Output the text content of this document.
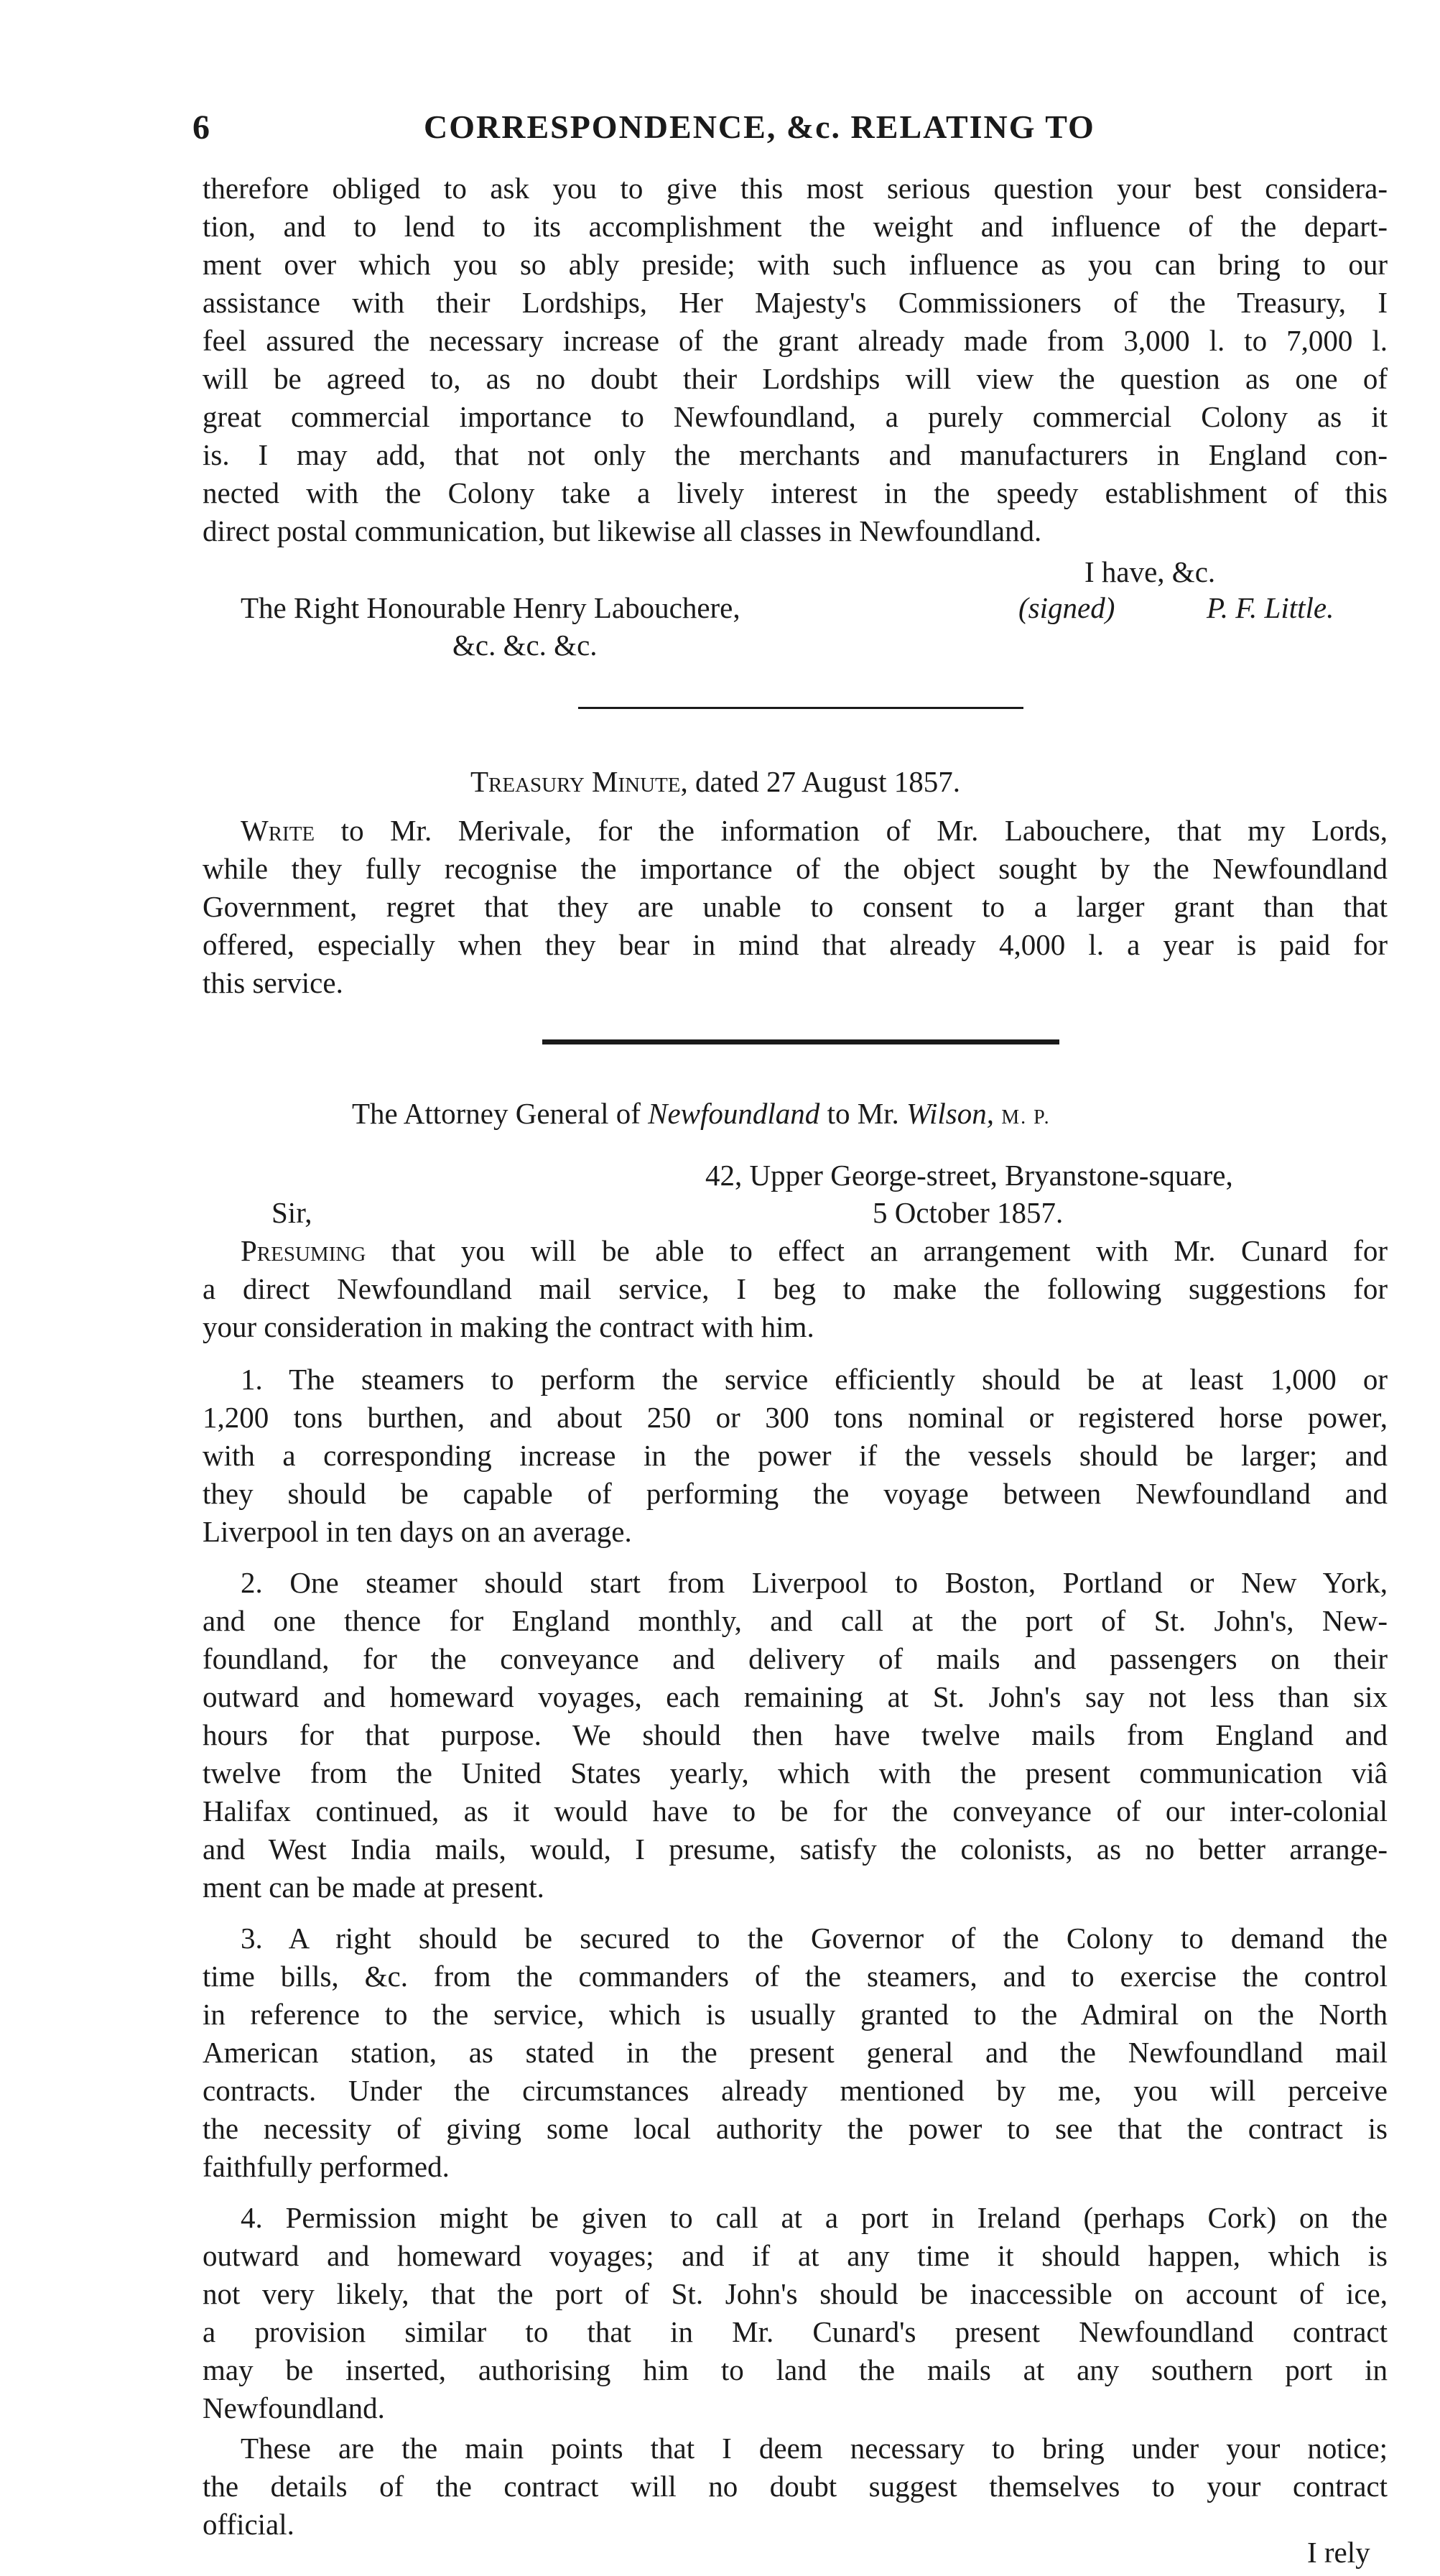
6	CORRESPONDENCE, &c. RELATING TO
therefore obliged to ask you to give this most serious question your best considera-
tion, and to lend to its accomplishment the weight and influence of the depart-
ment over which you so ably preside; with such influence as you can bring to our
assistance with their Lordships, Her Majesty's Commissioners of the Treasury, I
feel assured the necessary increase of the grant already made from 3,000 l. to 7,000 l.
will be agreed to, as no doubt their Lordships will view the question as one of
great commercial importance to Newfoundland, a purely commercial Colony as it
is. I may add, that not only the merchants and manufacturers in England con-
nected with the Colony take a lively interest in the speedy establishment of this
direct postal communication, but likewise all classes in Newfoundland.
I have, &c.
The Right Honourable Henry Labouchere,	(signed)	P. F. Little.
&c. &c. &c.
Treasury Minute, dated 27 August 1857.
Write to Mr. Merivale, for the information of Mr. Labouchere, that my Lords,
while they fully recognise the importance of the object sought by the Newfoundland
Government, regret that they are unable to consent to a larger grant than that
offered, especially when they bear in mind that already 4,000 l. a year is paid for
this service.
The Attorney General of Newfoundland to Mr. Wilson, M. P.
42, Upper George-street, Bryanstone-square,
5 October 1857.
Sir,
Presuming that you will be able to effect an arrangement with Mr. Cunard for
a direct Newfoundland mail service, I beg to make the following suggestions for
your consideration in making the contract with him.
1. The steamers to perform the service efficiently should be at least 1,000 or
1,200 tons burthen, and about 250 or 300 tons nominal or registered horse power,
with a corresponding increase in the power if the vessels should be larger; and
they should be capable of performing the voyage between Newfoundland and
Liverpool in ten days on an average.
2. One steamer should start from Liverpool to Boston, Portland or New York,
and one thence for England monthly, and call at the port of St. John's, New-
foundland, for the conveyance and delivery of mails and passengers on their
outward and homeward voyages, each remaining at St. John's say not less than six
hours for that purpose. We should then have twelve mails from England and
twelve from the United States yearly, which with the present communication viâ
Halifax continued, as it would have to be for the conveyance of our inter-colonial
and West India mails, would, I presume, satisfy the colonists, as no better arrange-
ment can be made at present.
3. A right should be secured to the Governor of the Colony to demand the
time bills, &c. from the commanders of the steamers, and to exercise the control
in reference to the service, which is usually granted to the Admiral on the North
American station, as stated in the present general and the Newfoundland mail
contracts. Under the circumstances already mentioned by me, you will perceive
the necessity of giving some local authority the power to see that the contract is
faithfully performed.
4. Permission might be given to call at a port in Ireland (perhaps Cork) on the
outward and homeward voyages; and if at any time it should happen, which is
not very likely, that the port of St. John's should be inaccessible on account of ice,
a provision similar to that in Mr. Cunard's present Newfoundland contract
may be inserted, authorising him to land the mails at any southern port in
Newfoundland.
These are the main points that I deem necessary to bring under your notice;
the details of the contract will no doubt suggest themselves to your contract
official.
I rely
